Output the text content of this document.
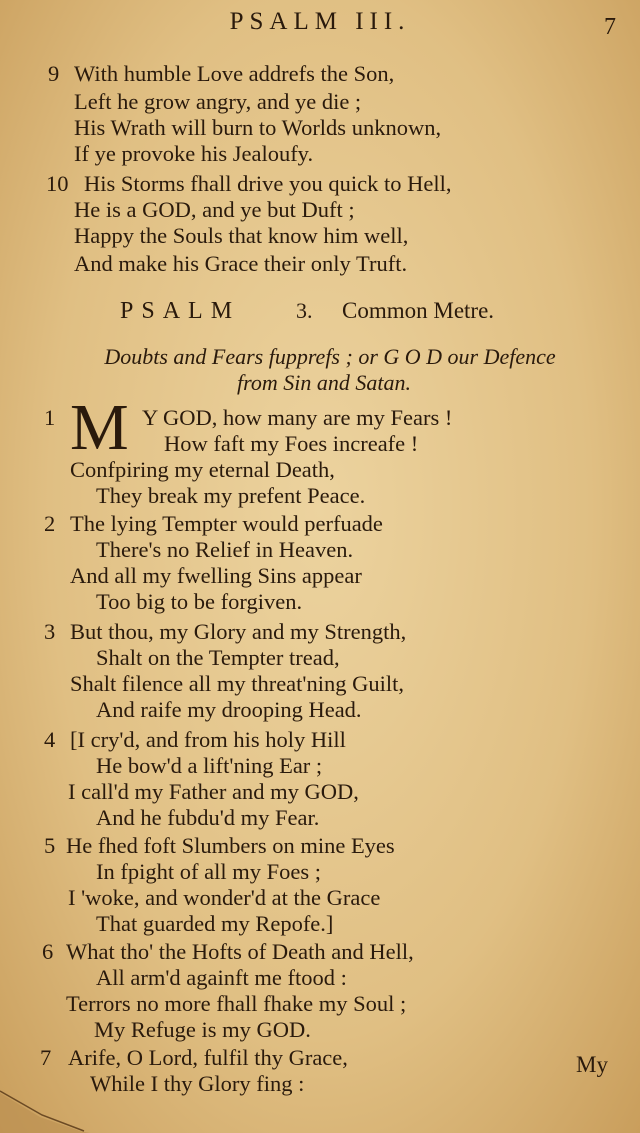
PSALM III.	7
9 With humble Love addrefs the Son,
Left he grow angry, and ye die ;
His Wrath will burn to Worlds unknown,
If ye provoke his Jealoufy.
10 His Storms fhall drive you quick to Hell,
He is a GOD, and ye but Duft ;
Happy the Souls that know him well,
And make his Grace their only Truft.
PSALM	3. Common Metre.
Doubts and Fears fupprefs ; or G O D our Defence
from Sin and Satan.
1 M Y GOD, how many are my Fears !
How faft my Foes increafe !
Confpiring my eternal Death,
They break my prefent Peace.
2 The lying Tempter would perfuade
There's no Relief in Heaven.
And all my fwelling Sins appear
Too big to be forgiven.
3 But thou, my Glory and my Strength,
Shalt on the Tempter tread,
Shalt filence all my threat'ning Guilt,
And raife my drooping Head.
4 [I cry'd, and from his holy Hill
He bow'd a lift'ning Ear ;
I call'd my Father and my GOD,
And he fubdu'd my Fear.
5 He fhed foft Slumbers on mine Eyes
In fpight of all my Foes ;
I 'woke, and wonder'd at the Grace
That guarded my Repofe.]
6 What tho' the Hofts of Death and Hell,
All arm'd againft me ftood :
Terrors no more fhall fhake my Soul ;
My Refuge is my GOD.
7 Arife, O Lord, fulfil thy Grace,
While I thy Glory fing :
My
